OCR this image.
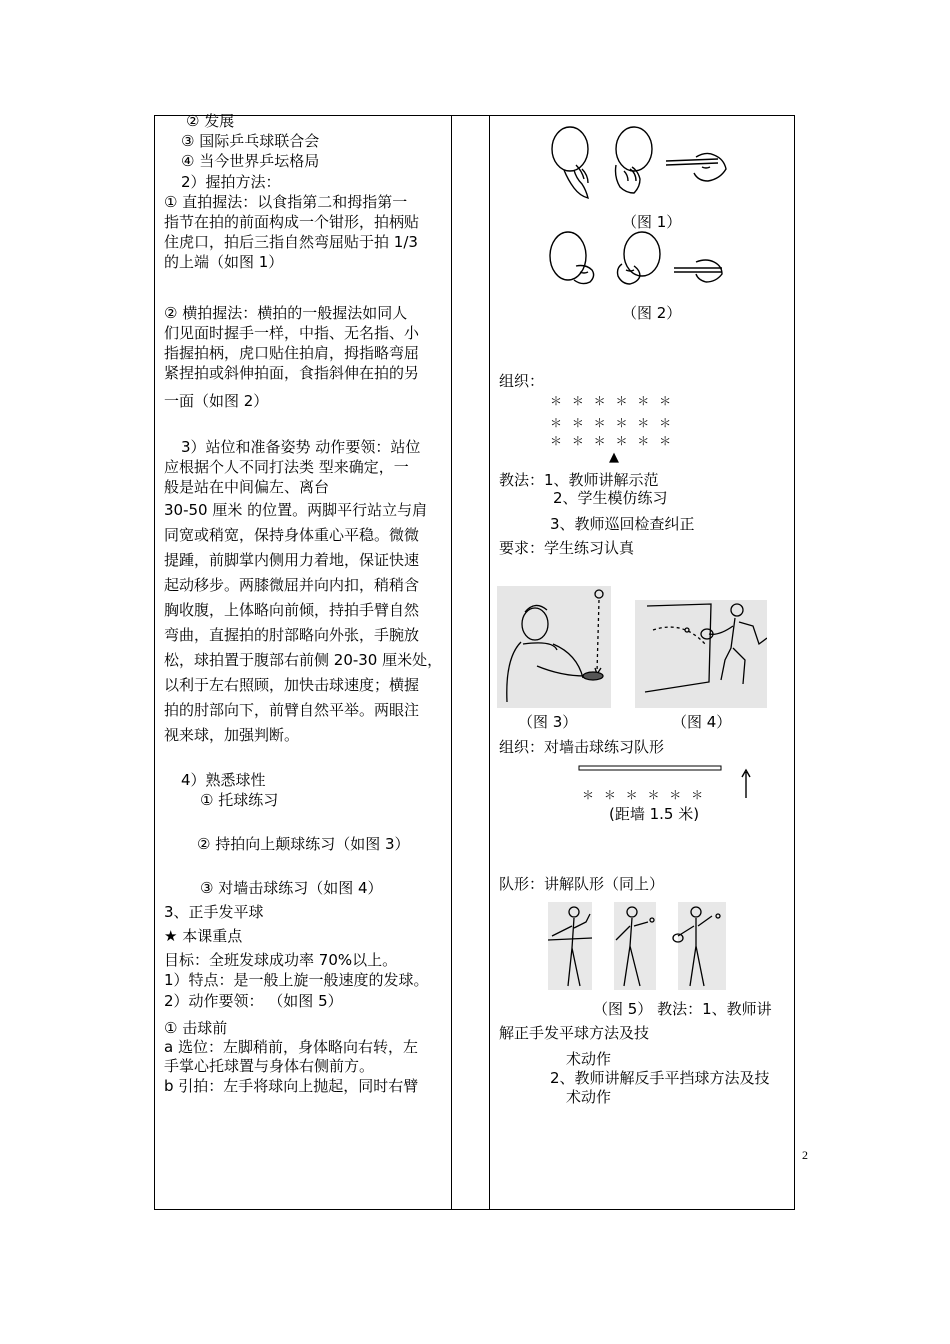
② 发展
③ 国际乒乓球联合会
④ 当今世界乒坛格局
2）握拍方法：
① 直拍握法：以食指第二和拇指第一
指节在拍的前面构成一个钳形，拍柄贴
住虎口，拍后三指自然弯屈贴于拍 1/3
的上端（如图 1）
② 横拍握法：横拍的一般握法如同人
们见面时握手一样，中指、无名指、小
指握拍柄，虎口贴住拍肩，拇指略弯屈
紧捏拍或斜伸拍面，食指斜伸在拍的另
一面（如图 2）
3）站位和准备姿势 动作要领：站位
应根据个人不同打法类 型来确定，一
般是站在中间偏左、离台
30-50 厘米 的位置。两脚平行站立与肩
同宽或稍宽，保持身体重心平稳。微微
提踵，前脚掌内侧用力着地，保证快速
起动移步。两膝微屈并向内扣，稍稍含
胸收腹，上体略向前倾，持拍手臂自然
弯曲，直握拍的肘部略向外张，手腕放
松，球拍置于腹部右前侧 20-30 厘米处，
以利于左右照顾，加快击球速度；横握
拍的肘部向下，前臂自然平举。两眼注
视来球，加强判断。
4）熟悉球性
① 托球练习
② 持拍向上颠球练习（如图 3）
③ 对墙击球练习（如图 4）
3、正手发平球
★ 本课重点
目标：全班发球成功率 70%以上。
1）特点：是一般上旋一般速度的发球。
2）动作要领： （如图 5）
① 击球前
a 选位：左脚稍前，身体略向右转，左
手掌心托球置与身体右侧前方。
b 引拍：左手将球向上抛起，同时右臂
（图 1）
（图 2）
组织：
＊ ＊ ＊ ＊ ＊ ＊
＊ ＊ ＊ ＊ ＊ ＊
＊ ＊ ＊ ＊ ＊ ＊
▲
教法：1、教师讲解示范
2、学生模仿练习
3、教师巡回检查纠正
要求：学生练习认真
（图 3）	（图 4）
组织：对墙击球练习队形
＊ ＊ ＊ ＊ ＊ ＊
(距墙 1.5 米)
队形：讲解队形（同上）
（图 5） 教法：1、教师讲
解正手发平球方法及技
术动作
2、教师讲解反手平挡球方法及技
术动作
2
